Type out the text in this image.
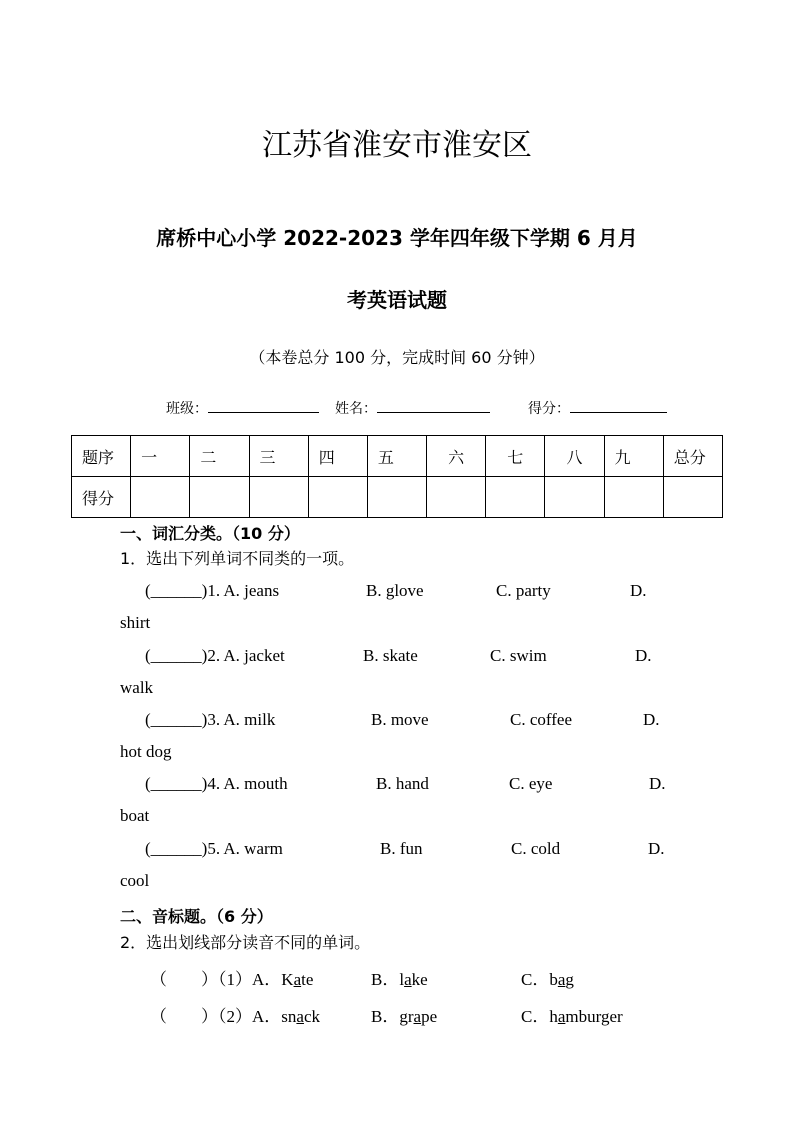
江苏省淮安市淮安区
席桥中心小学 2022-2023 学年四年级下学期 6 月月
考英语试题
（本卷总分 100 分，完成时间 60 分钟）
班级：	姓名：	得分：
题序	一	二	三	四	五	六	七	八	九	总分
得分										
一、词汇分类。（10 分）
1．选出下列单词不同类的一项。
(______)1. A. jeans	B. glove	C. party	D.
shirt
(______)2. A. jacket	B. skate	C. swim	D.
walk
(______)3. A. milk	B. move	C. coffee	D.
hot dog
(______)4. A. mouth	B. hand	C. eye	D.
boat
(______)5. A. warm	B. fun	C. cold	D.
cool
二、音标题。（6 分）
2．选出划线部分读音不同的单词。
（　　）（1）A．Kate	B．lake	C．bag
（　　）（2）A．snack	B．grape	C．hamburger
